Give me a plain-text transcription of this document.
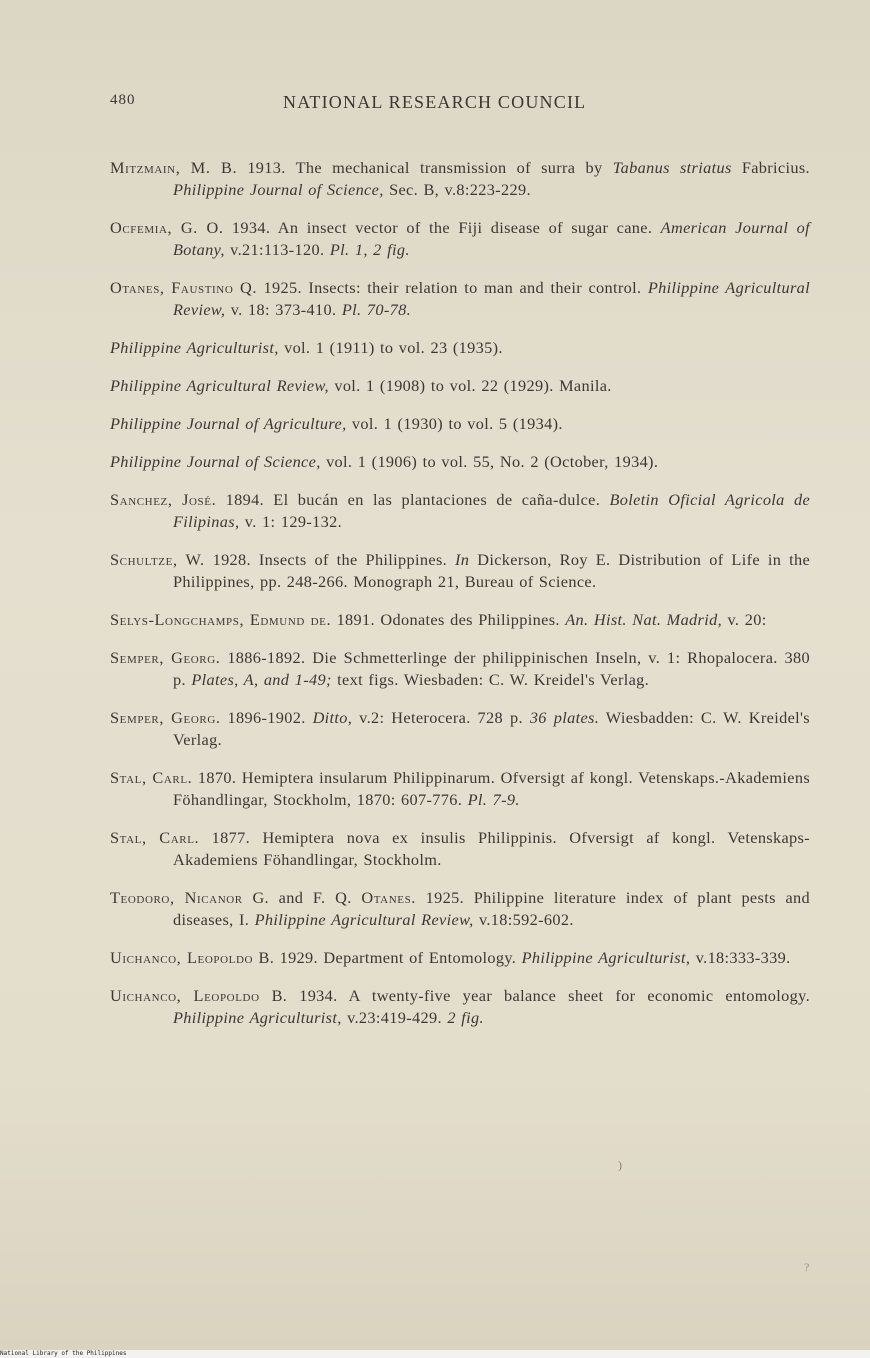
480	NATIONAL RESEARCH COUNCIL

Mitzmain, M. B. 1913. The mechanical transmission of surra by Tabanus striatus Fabricius. Philippine Journal of Science, Sec. B, v.8:223-229.

Ocfemia, G. O. 1934. An insect vector of the Fiji disease of sugar cane. American Journal of Botany, v.21:113-120. Pl. 1, 2 fig.

Otanes, Faustino Q. 1925. Insects: their relation to man and their control. Philippine Agricultural Review, v. 18: 373-410. Pl. 70-78.

Philippine Agriculturist, vol. 1 (1911) to vol. 23 (1935).

Philippine Agricultural Review, vol. 1 (1908) to vol. 22 (1929). Manila.

Philippine Journal of Agriculture, vol. 1 (1930) to vol. 5 (1934).

Philippine Journal of Science, vol. 1 (1906) to vol. 55, No. 2 (October, 1934).

Sanchez, José. 1894. El bucán en las plantaciones de caña-dulce. Boletin Oficial Agricola de Filipinas, v. 1: 129-132.

Schultze, W. 1928. Insects of the Philippines. In Dickerson, Roy E. Distribution of Life in the Philippines, pp. 248-266. Monograph 21, Bureau of Science.

Selys-Longchamps, Edmund de. 1891. Odonates des Philippines. An. Hist. Nat. Madrid, v. 20:

Semper, Georg. 1886-1892. Die Schmetterlinge der philippinischen Inseln, v. 1: Rhopalocera. 380 p. Plates, A, and 1-49; text figs. Wiesbaden: C. W. Kreidel's Verlag.

Semper, Georg. 1896-1902. Ditto, v.2: Heterocera. 728 p. 36 plates. Wiesbadden: C. W. Kreidel's Verlag.

Stal, Carl. 1870. Hemiptera insularum Philippinarum. Ofversigt af kongl. Vetenskaps.-Akademiens Föhandlingar, Stockholm, 1870: 607-776. Pl. 7-9.

Stal, Carl. 1877. Hemiptera nova ex insulis Philippinis. Ofversigt af kongl. Vetenskaps-Akademiens Föhandlingar, Stockholm.

Teodoro, Nicanor G. and F. Q. Otanes. 1925. Philippine literature index of plant pests and diseases, I. Philippine Agricultural Review, v.18:592-602.

Uichanco, Leopoldo B. 1929. Department of Entomology. Philippine Agriculturist, v.18:333-339.

Uichanco, Leopoldo B. 1934. A twenty-five year balance sheet for economic entomology. Philippine Agriculturist, v.23:419-429. 2 fig.

)
?
National Library of the Philippines
